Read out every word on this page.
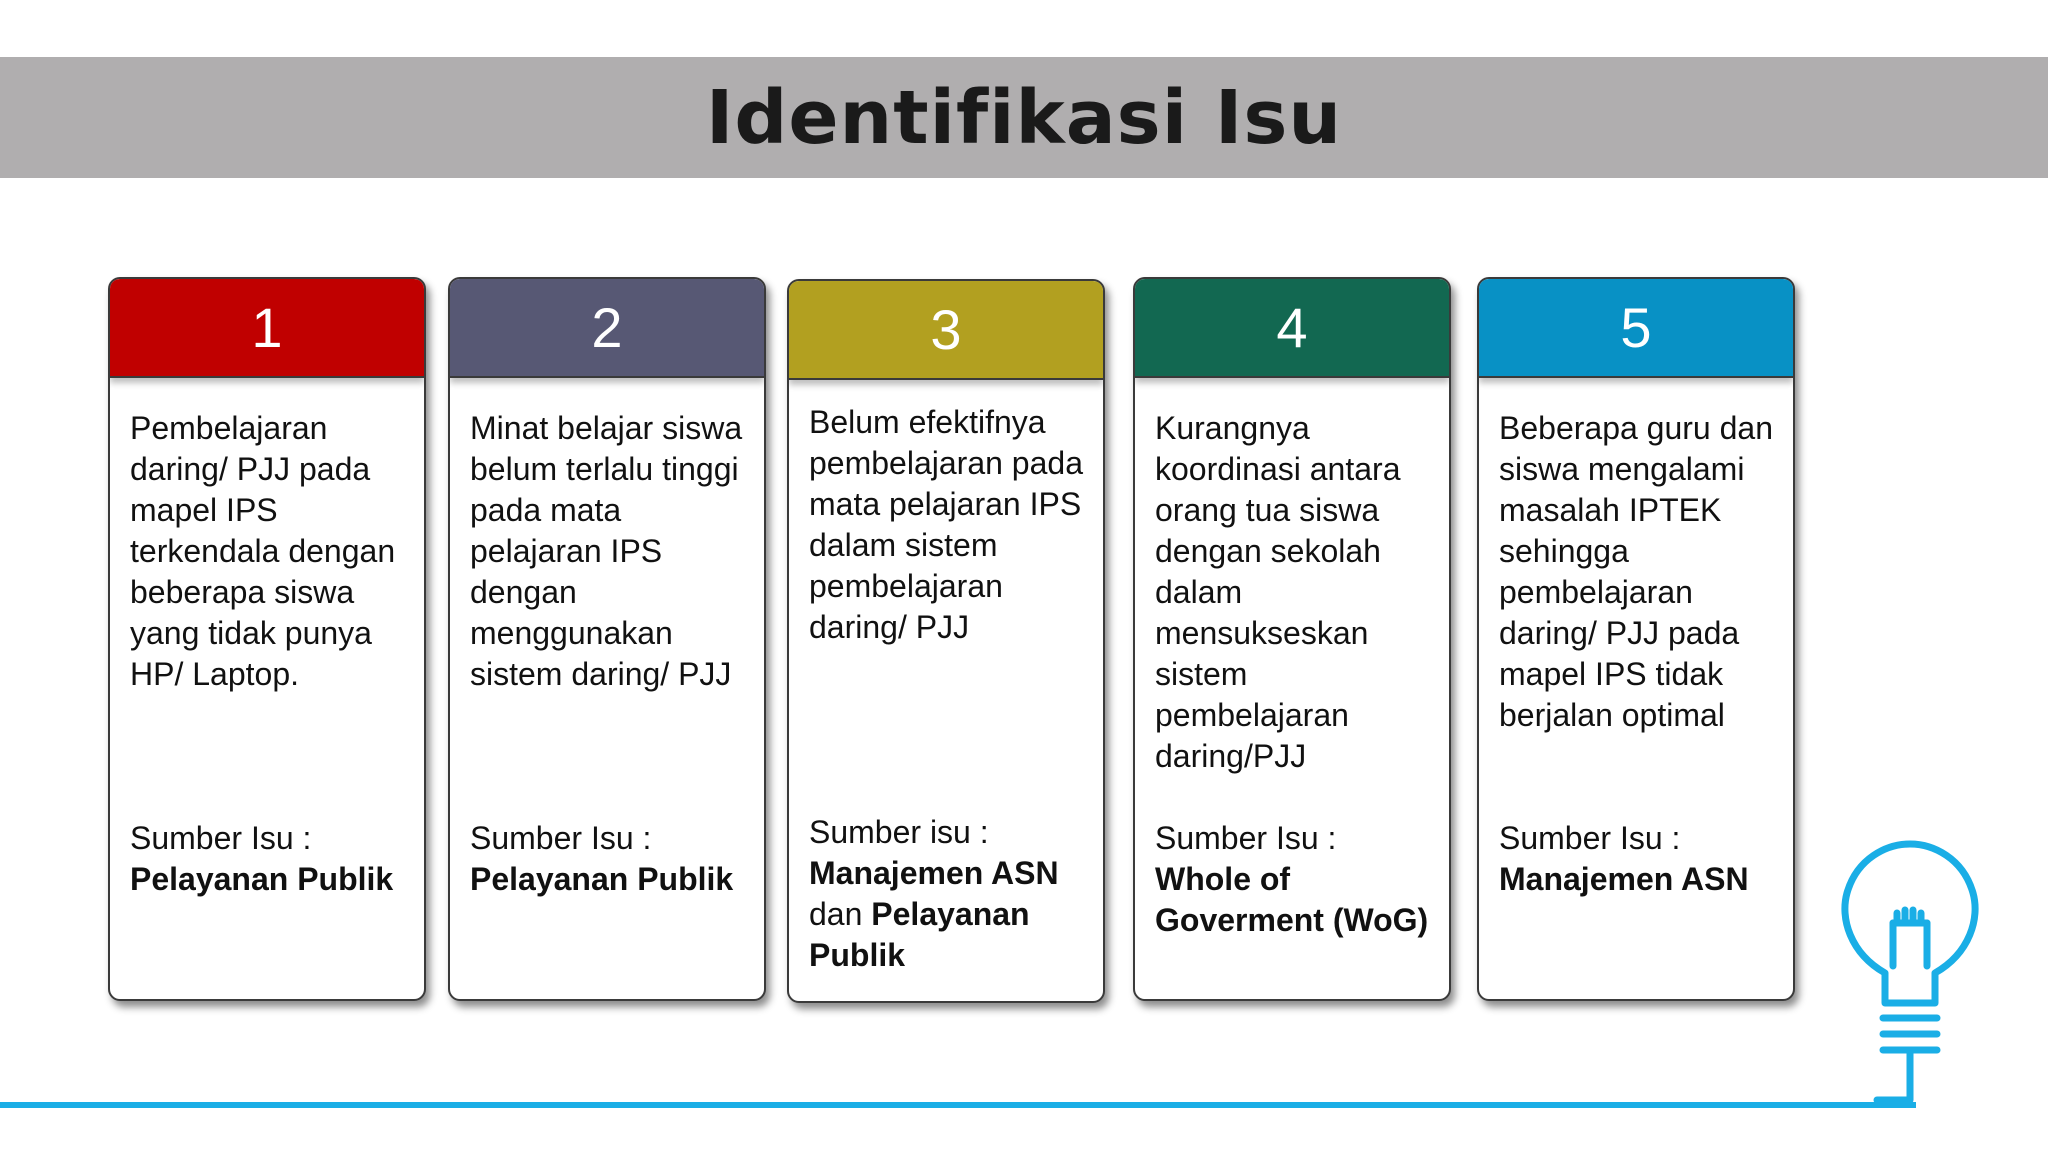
Identifikasi Isu
1
Pembelajaran daring/ PJJ pada mapel IPS terkendala dengan beberapa siswa yang tidak punya HP/ Laptop.
Sumber Isu :
Pelayanan Publik
2
Minat belajar siswa belum terlalu tinggi pada mata pelajaran IPS dengan menggunakan sistem daring/ PJJ
Sumber Isu :
Pelayanan Publik
3
Belum efektifnya pembelajaran pada mata pelajaran IPS dalam sistem pembelajaran daring/ PJJ
Sumber isu :
Manajemen ASN
dan Pelayanan Publik
4
Kurangnya koordinasi antara orang tua siswa dengan sekolah dalam mensukseskan sistem pembelajaran daring/PJJ
Sumber Isu :
Whole of Goverment (WoG)
5
Beberapa guru dan siswa mengalami masalah IPTEK sehingga pembelajaran daring/ PJJ pada mapel IPS tidak berjalan optimal
Sumber Isu :
Manajemen ASN
